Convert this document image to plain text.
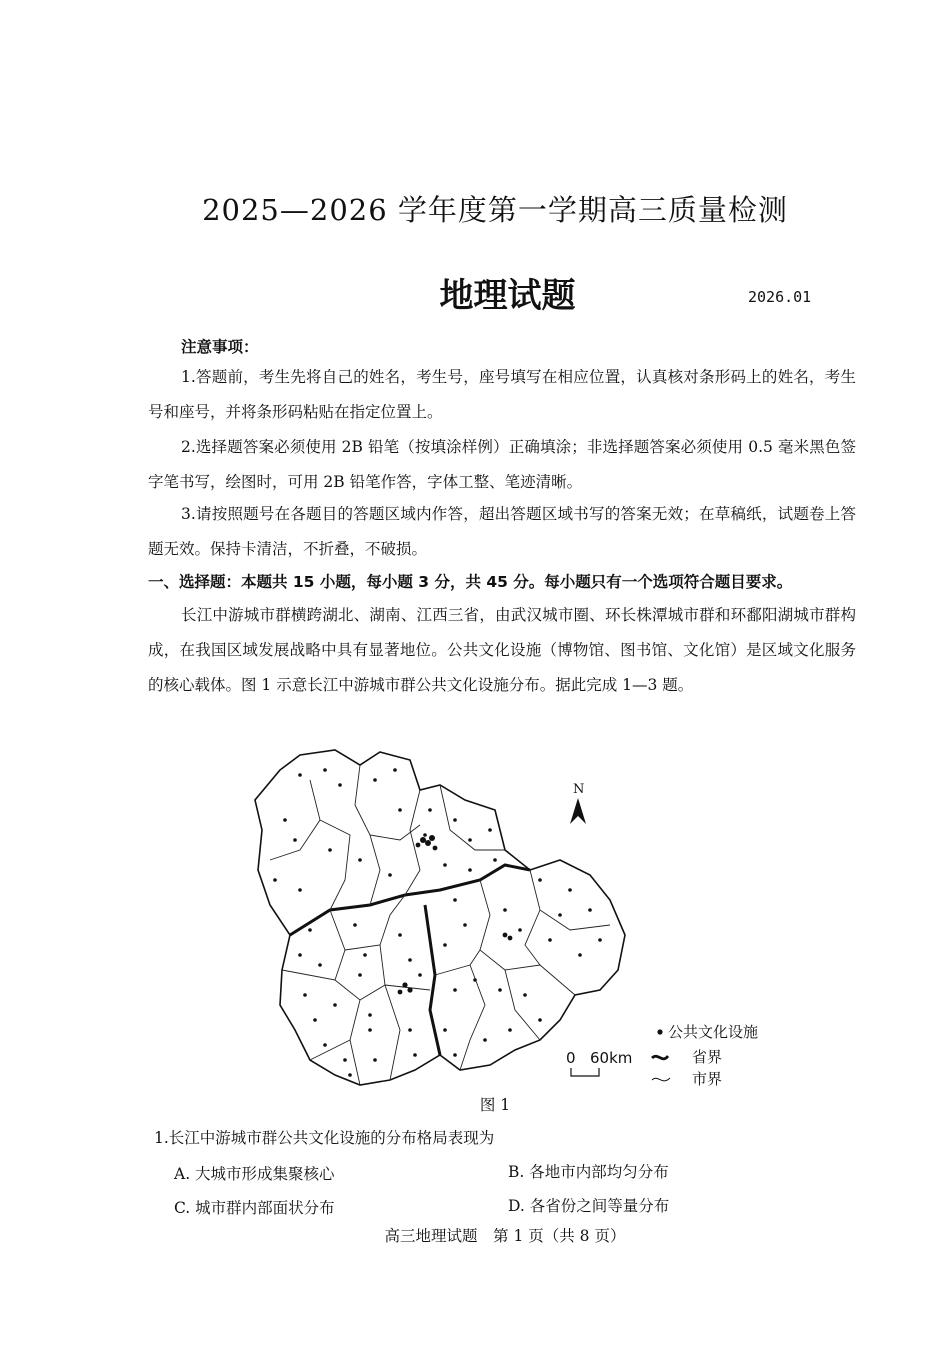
2025—2026 学年度第一学期高三质量检测
地理试题	2026.01
注意事项：
1.答题前，考生先将自己的姓名，考生号，座号填写在相应位置，认真核对条形码上的姓名，考生号和座号，并将条形码粘贴在指定位置上。
2.选择题答案必须使用 2B 铅笔（按填涂样例）正确填涂；非选择题答案必须使用 0.5 毫米黑色签字笔书写，绘图时，可用 2B 铅笔作答，字体工整、笔迹清晰。
3.请按照题号在各题目的答题区域内作答，超出答题区域书写的答案无效；在草稿纸，试题卷上答题无效。保持卡清洁，不折叠，不破损。
一、选择题：本题共 15 小题，每小题 3 分，共 45 分。每小题只有一个选项符合题目要求。
长江中游城市群横跨湖北、湖南、江西三省，由武汉城市圈、环长株潭城市群和环鄱阳湖城市群构成，在我国区域发展战略中具有显著地位。公共文化设施（博物馆、图书馆、文化馆）是区域文化服务的核心载体。图 1 示意长江中游城市群公共文化设施分布。据此完成 1—3 题。
N
公共文化设施
省界
市界
0 60km
图 1
1.长江中游城市群公共文化设施的分布格局表现为
A. 大城市形成集聚核心	B. 各地市内部均匀分布
C. 城市群内部面状分布	D. 各省份之间等量分布
高三地理试题　第 1 页（共 8 页）
